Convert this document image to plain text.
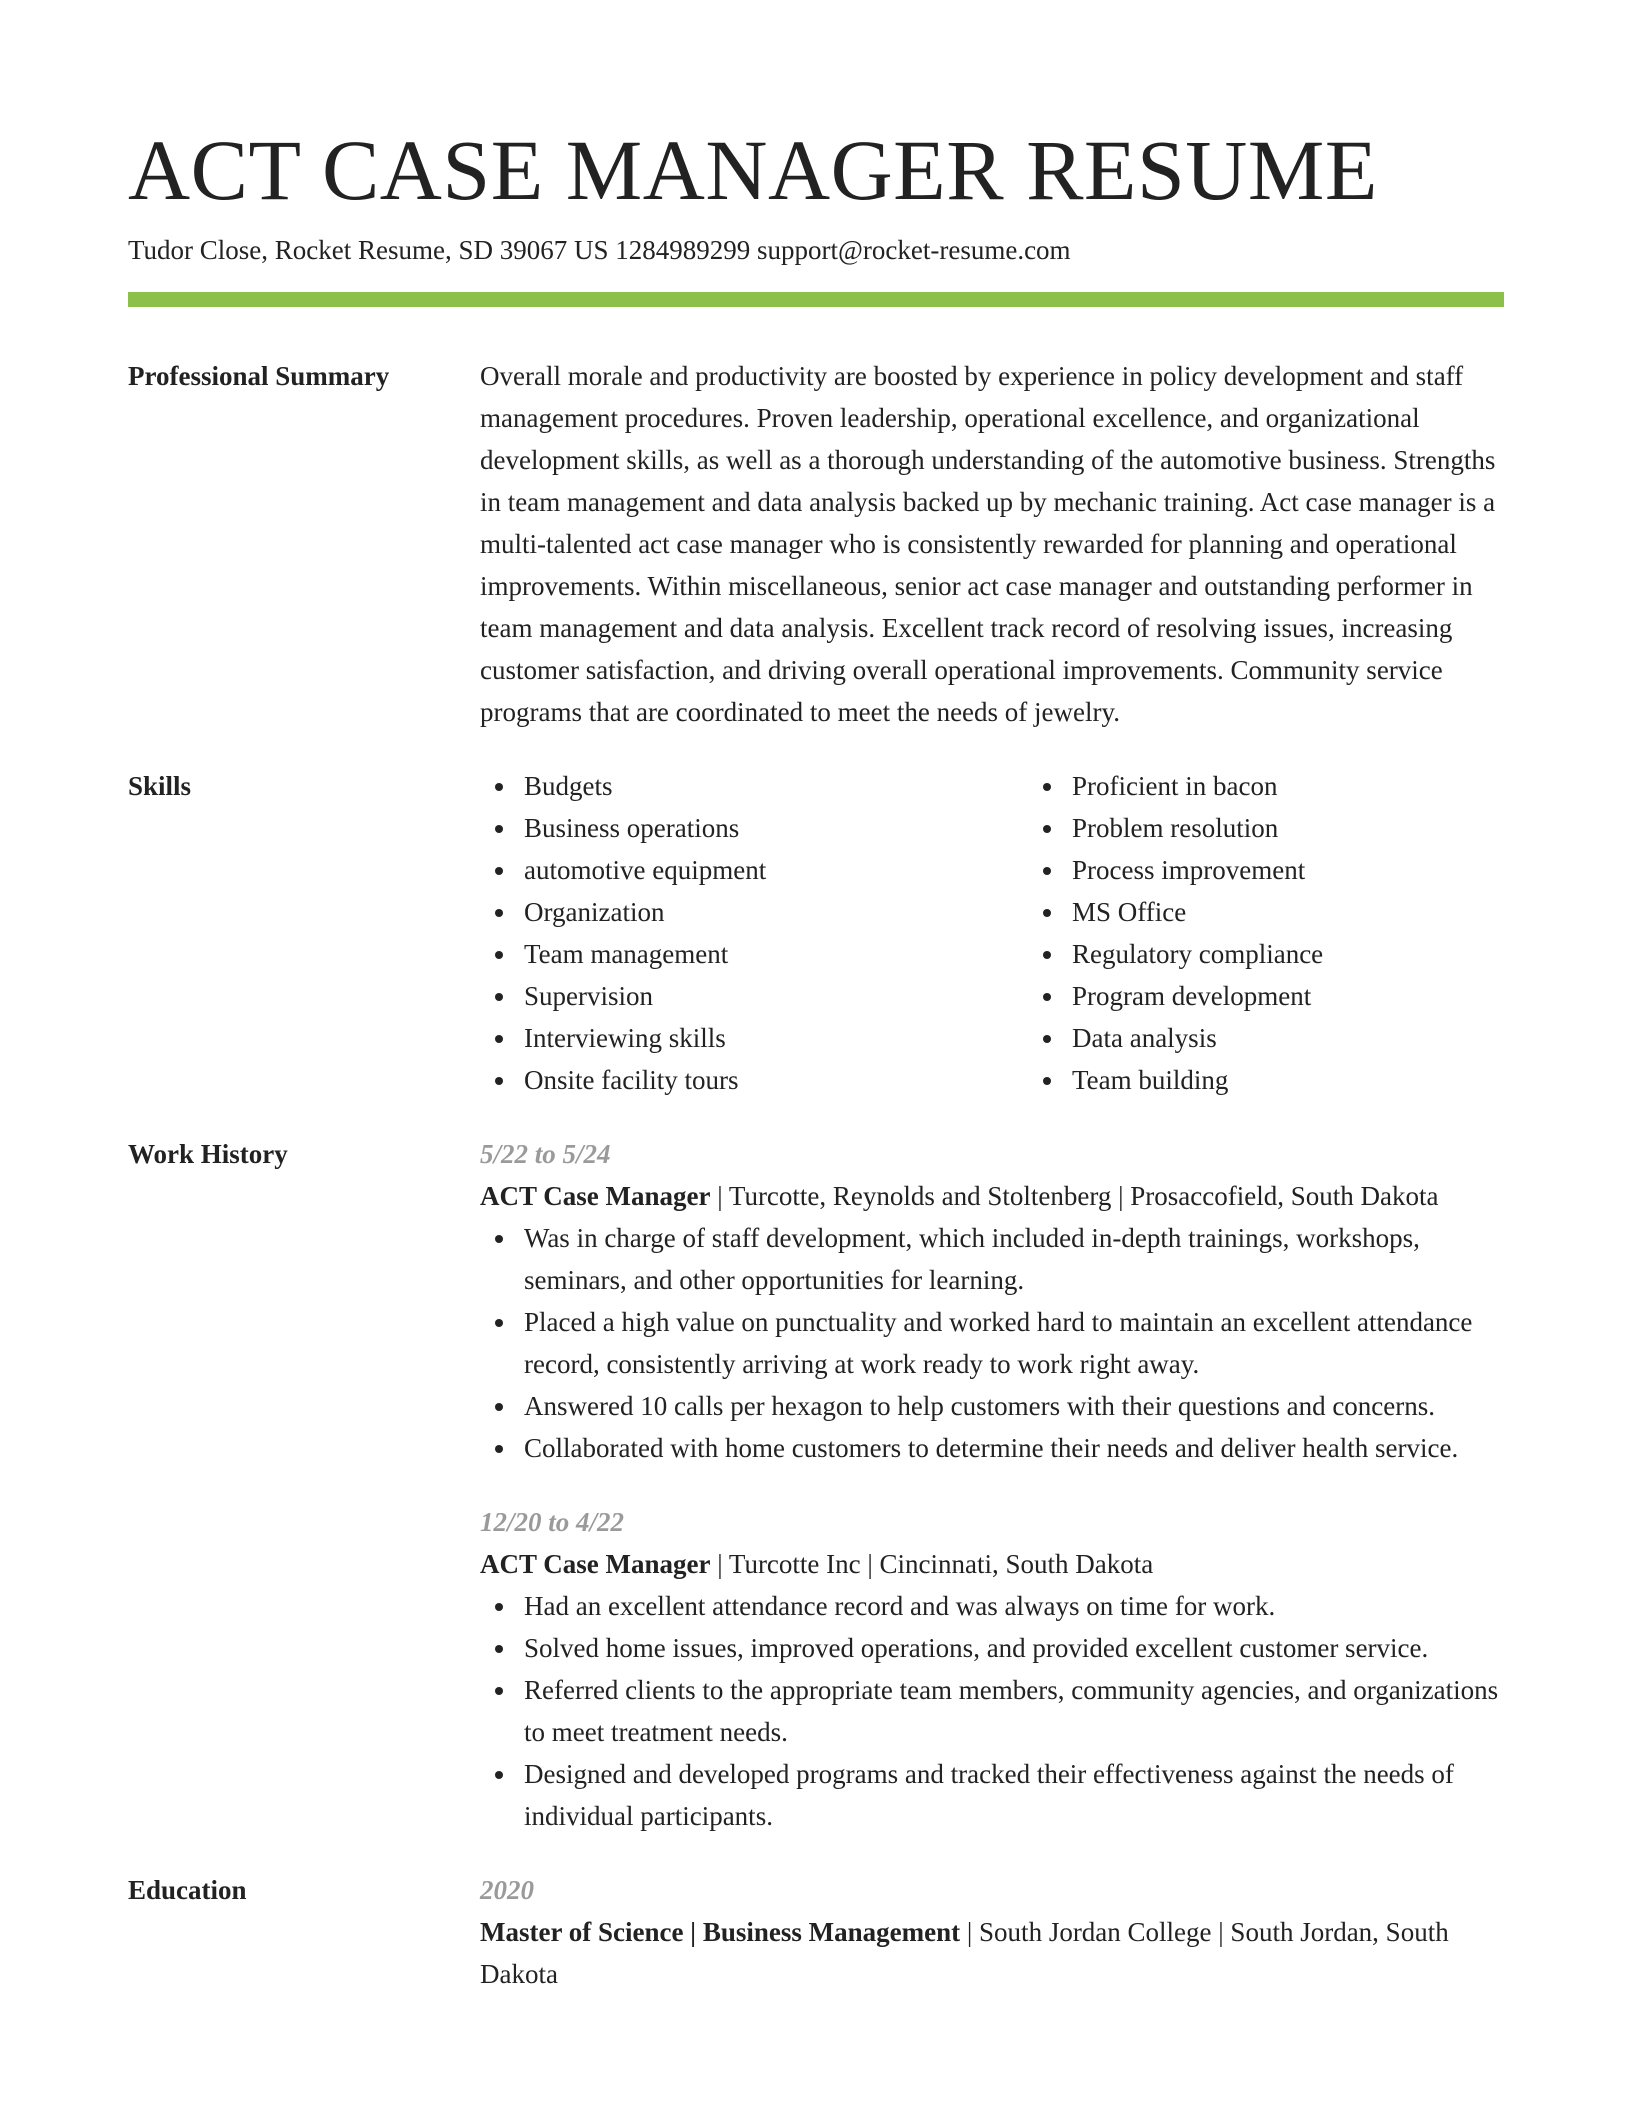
ACT CASE MANAGER RESUME
Tudor Close, Rocket Resume, SD 39067 US 1284989299 support@rocket-resume.com
Professional Summary	Overall morale and productivity are boosted by experience in policy development and staff management procedures. Proven leadership, operational excellence, and organizational development skills, as well as a thorough understanding of the automotive business. Strengths in team management and data analysis backed up by mechanic training. Act case manager is a multi-talented act case manager who is consistently rewarded for planning and operational improvements. Within miscellaneous, senior act case manager and outstanding performer in team management and data analysis. Excellent track record of resolving issues, increasing customer satisfaction, and driving overall operational improvements. Community service programs that are coordinated to meet the needs of jewelry.
Skills	Budgets
Business operations
automotive equipment
Organization
Team management
Supervision
Interviewing skills
Onsite facility tours
Proficient in bacon
Problem resolution
Process improvement
MS Office
Regulatory compliance
Program development
Data analysis
Team building
Work History	5/22 to 5/24
ACT Case Manager | Turcotte, Reynolds and Stoltenberg | Prosaccofield, South Dakota
Was in charge of staff development, which included in-depth trainings, workshops, seminars, and other opportunities for learning.
Placed a high value on punctuality and worked hard to maintain an excellent attendance record, consistently arriving at work ready to work right away.
Answered 10 calls per hexagon to help customers with their questions and concerns.
Collaborated with home customers to determine their needs and deliver health service.
12/20 to 4/22
ACT Case Manager | Turcotte Inc | Cincinnati, South Dakota
Had an excellent attendance record and was always on time for work.
Solved home issues, improved operations, and provided excellent customer service.
Referred clients to the appropriate team members, community agencies, and organizations to meet treatment needs.
Designed and developed programs and tracked their effectiveness against the needs of individual participants.
Education	2020
Master of Science | Business Management | South Jordan College | South Jordan, South Dakota
